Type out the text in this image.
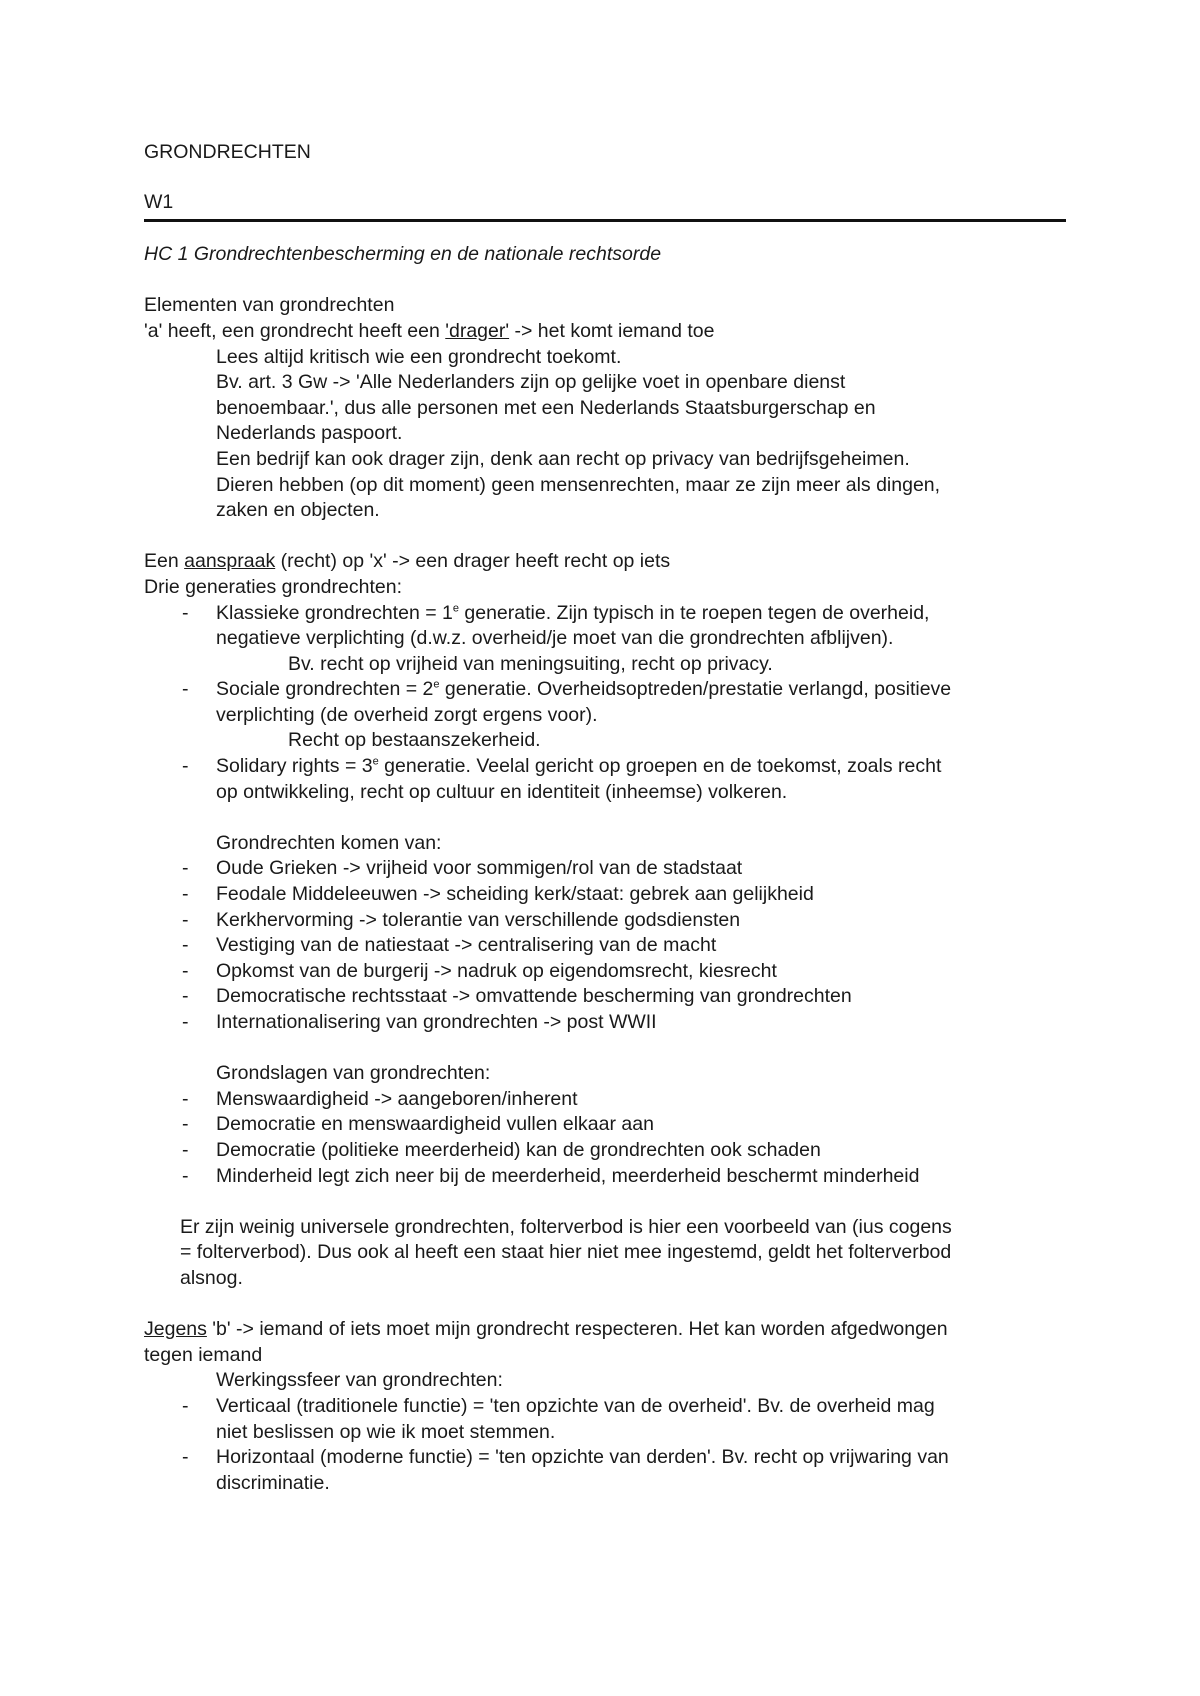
GRONDRECHTEN
W1
HC 1 Grondrechtenbescherming en de nationale rechtsorde
Elementen van grondrechten
'a' heeft, een grondrecht heeft een 'drager' -> het komt iemand toe
Lees altijd kritisch wie een grondrecht toekomt.
Bv. art. 3 Gw -> 'Alle Nederlanders zijn op gelijke voet in openbare dienst
benoembaar.', dus alle personen met een Nederlands Staatsburgerschap en
Nederlands paspoort.
Een bedrijf kan ook drager zijn, denk aan recht op privacy van bedrijfsgeheimen.
Dieren hebben (op dit moment) geen mensenrechten, maar ze zijn meer als dingen,
zaken en objecten.
Een aanspraak (recht) op 'x' -> een drager heeft recht op iets
Drie generaties grondrechten:
- Klassieke grondrechten = $1^e$ generatie. Zijn typisch in te roepen tegen de overheid,
negatieve verplichting (d.w.z. overheid/je moet van die grondrechten afblijven).
Bv. recht op vrijheid van meningsuiting, recht op privacy.
- Sociale grondrechten = $2^e$ generatie. Overheidsoptreden/prestatie verlangd, positieve
verplichting (de overheid zorgt ergens voor).
Recht op bestaanszekerheid.
- Solidary rights = $3^e$ generatie. Veelal gericht op groepen en de toekomst, zoals recht
op ontwikkeling, recht op cultuur en identiteit (inheemse) volkeren.
Grondrechten komen van:
- Oude Grieken -> vrijheid voor sommigen/rol van de stadstaat
- Feodale Middeleeuwen -> scheiding kerk/staat: gebrek aan gelijkheid
- Kerkhervorming -> tolerantie van verschillende godsdiensten
- Vestiging van de natiestaat -> centralisering van de macht
- Opkomst van de burgerij -> nadruk op eigendomsrecht, kiesrecht
- Democratische rechtsstaat -> omvattende bescherming van grondrechten
- Internationalisering van grondrechten -> post WWII
Grondslagen van grondrechten:
- Menswaardigheid -> aangeboren/inherent
- Democratie en menswaardigheid vullen elkaar aan
- Democratie (politieke meerderheid) kan de grondrechten ook schaden
- Minderheid legt zich neer bij de meerderheid, meerderheid beschermt minderheid
Er zijn weinig universele grondrechten, folterverbod is hier een voorbeeld van (ius cogens
= folterverbod). Dus ook al heeft een staat hier niet mee ingestemd, geldt het folterverbod
alsnog.
Jegens 'b' -> iemand of iets moet mijn grondrecht respecteren. Het kan worden afgedwongen
tegen iemand
Werkingssfeer van grondrechten:
- Verticaal (traditionele functie) = 'ten opzichte van de overheid'. Bv. de overheid mag
niet beslissen op wie ik moet stemmen.
- Horizontaal (moderne functie) = 'ten opzichte van derden'. Bv. recht op vrijwaring van
discriminatie.
